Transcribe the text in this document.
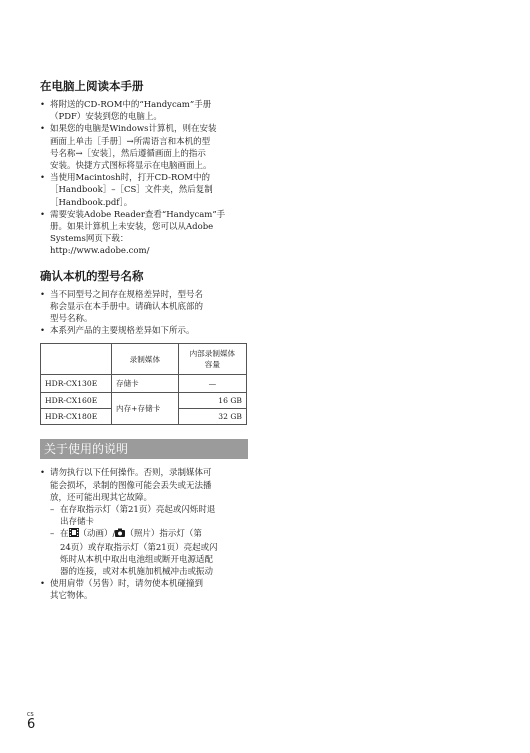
在电脑上阅读本手册
• 将附送的CD-ROM中的“Handycam”手册
（PDF）安装到您的电脑上。
• 如果您的电脑是Windows计算机，则在安装
画面上单击［手册］→所需语言和本机的型
号名称→［安装］，然后遵循画面上的指示
安装。快捷方式图标将显示在电脑画面上。
• 当使用Macintosh时，打开CD-ROM中的
［Handbook］–［CS］文件夹，然后复制
［Handbook.pdf］。
• 需要安装Adobe Reader查看“Handycam”手
册。如果计算机上未安装，您可以从Adobe
Systems网页下载：
http://www.adobe.com/
确认本机的型号名称
• 当不同型号之间存在规格差异时，型号名
称会显示在本手册中。请确认本机底部的
型号名称。
• 本系列产品的主要规格差异如下所示。
	录制媒体	内部录制媒体
容量

HDR-CX130E	存储卡	—
HDR-CX160E	内存+存储卡	16 GB
HDR-CX180E		32 GB
关于使用的说明
• 请勿执行以下任何操作。否则，录制媒体可
能会损坏，录制的图像可能会丢失或无法播
放，还可能出现其它故障。
– 在存取指示灯（第21页）亮起或闪烁时退
出存储卡
– 在 （动画）/ （照片）指示灯（第
24页）或存取指示灯（第21页）亮起或闪
烁时从本机中取出电池组或断开电源适配
器的连接，或对本机施加机械冲击或振动
• 使用肩带（另售）时，请勿使本机碰撞到
其它物体。
CS
6
